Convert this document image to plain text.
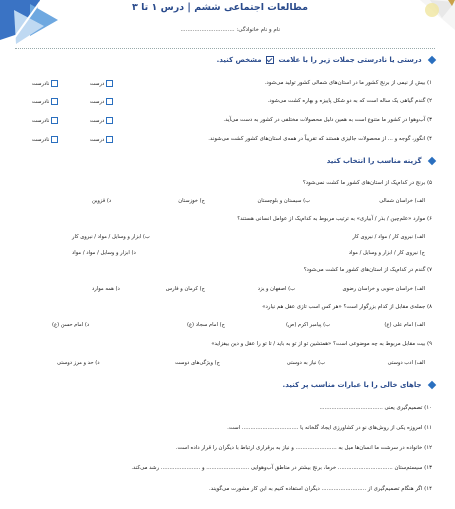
مطالعات اجتماعی ششم | درس ۱ تا ۳
نام و نام خانوادگی: ...............................
درستی یا نادرستی جملات زیر را با علامت  مشخص کنید.
۱) بیش از نیمی از برنج کشور ما در استان‌های شمالی کشور تولید می‌شود.
درست
نادرست
۲) گندم گیاهی یک ساله است که به دو شکل پاییزه و بهاره کشت می‌شود.
درست
نادرست
۳) آب‌وهوا در کشور ما متنوع است به همین دلیل محصولات مختلفی در کشور به دست می‌آید.
درست
نادرست
۴) انگور، گوجه و ... از محصولات جالیزی هستند که تقریباً در همه‌ی استان‌های کشور کشت می‌شوند.
درست
نادرست
گزینه مناسب را انتخاب کنید
۵) برنج در کدام‌یک از استان‌های کشور ما کشت نمی‌شود؟
الف) خراسان شمالی
ب) سیستان و بلوچستان
ج) خوزستان
د) قزوین
۶) موارد «علم‌چین / بذر / آبیاری» به ترتیب مربوط به کدام‌یک از عوامل انسانی هستند؟
الف) نیروی کار / مواد / نیروی کار
ب) ابزار و وسایل / مواد / نیروی کار
ج) نیروی کار / ابزار و وسایل / مواد
د) ابزار و وسایل / مواد / مواد
۷) گندم در کدام‌یک از استان‌های کشور ما کشت می‌شود؟
الف) خراسان جنوبی و خراسان رضوی
ب) اصفهان و یزد
ج) کرمان و فارس
د) همه موارد
۸) جمله‌ی مقابل از کدام بزرگوار است؟ «هر کس اسب تازی عقل هم نیارد»
الف) امام علی (ع)
ب) پیامبر اکرم (ص)
ج) امام سجاد (ع)
د) امام حسن (ع)
۹) بیت مقابل مربوط به چه موضوعی است؟ «همتشین تو از تو به باید / تا تو را عقل و دین بیفزاید»
الف) ادب دوستی
ب) نیاز به دوستی
ج) ویژگی‌های دوست
د) حد و مرز دوستی
جاهای خالی را با عبارات مناسب پر کنید.
۱۰) تصمیم‌گیری یعنی .....................................
۱۱) امروزه یکی از روش‌های نو در کشاورزی ایجاد گلخانه یا ................................. است.
۱۲) خانواده در سرشت ما انسان‌ها میل به ........................ و نیاز به برقراری ارتباط با دیگران را قرار داده است.
۱۳) سیستم‌ستان ................................ خرما، برنج بیشتر در مناطق آب‌وهوایی ......................... و ....................... رشد می‌کند.
۱۴) اگر هنگام تصمیم‌گیری از .......................... دیگران استفاده کنیم به این کار مشورت می‌گویند.
